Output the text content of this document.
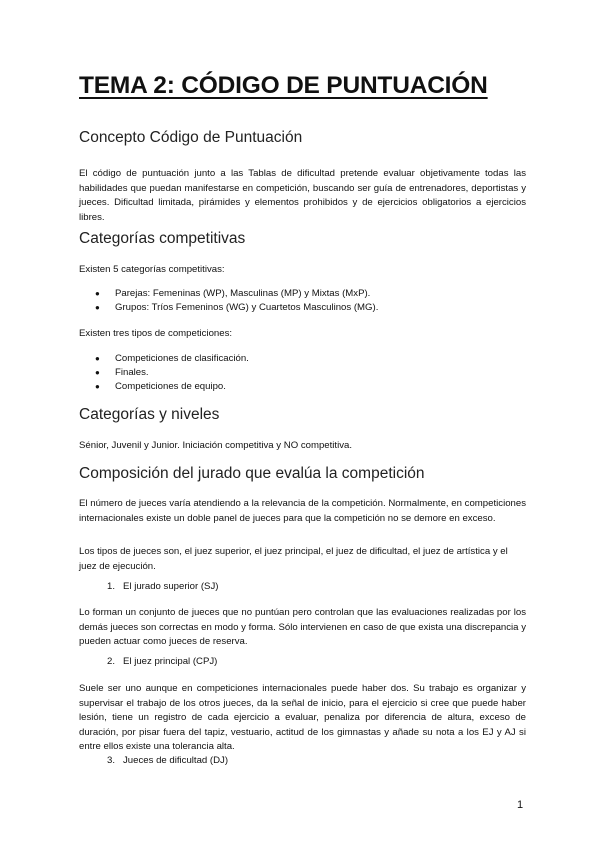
TEMA 2: CÓDIGO DE PUNTUACIÓN
Concepto Código de Puntuación

El código de puntuación junto a las Tablas de dificultad pretende evaluar objetivamente todas las habilidades que puedan manifestarse en competición, buscando ser guía de entrenadores, deportistas y jueces. Dificultad limitada, pirámides y elementos prohibidos y de ejercicios obligatorios a ejercicios libres.

Categorías competitivas

Existen 5 categorías competitivas:

● Parejas: Femeninas (WP), Masculinas (MP) y Mixtas (MxP).
● Grupos: Tríos Femeninos (WG) y Cuartetos Masculinos (MG).

Existen tres tipos de competiciones:

● Competiciones de clasificación.
● Finales.
● Competiciones de equipo.
Categorías y niveles

Sénior, Juvenil y Junior. Iniciación competitiva y NO competitiva.

Composición del jurado que evalúa la competición

El número de jueces varía atendiendo a la relevancia de la competición. Normalmente, en competiciones internacionales existe un doble panel de jueces para que la competición no se demore en exceso.

Los tipos de jueces son, el juez superior, el juez principal, el juez de dificultad, el juez de artística y el juez de ejecución.

1. El jurado superior (SJ)

Lo forman un conjunto de jueces que no puntúan pero controlan que las evaluaciones realizadas por los demás jueces son correctas en modo y forma. Sólo intervienen en caso de que exista una discrepancia y pueden actuar como jueces de reserva.

2. El juez principal (CPJ)

Suele ser uno aunque en competiciones internacionales puede haber dos. Su trabajo es organizar y supervisar el trabajo de los otros jueces, da la señal de inicio, para el ejercicio si cree que puede haber lesión, tiene un registro de cada ejercicio a evaluar, penaliza por diferencia de altura, exceso de duración, por pisar fuera del tapiz, vestuario, actitud de los gimnastas y añade su nota a los EJ y AJ si entre ellos existe una tolerancia alta.

3. Jueces de dificultad (DJ)
1
